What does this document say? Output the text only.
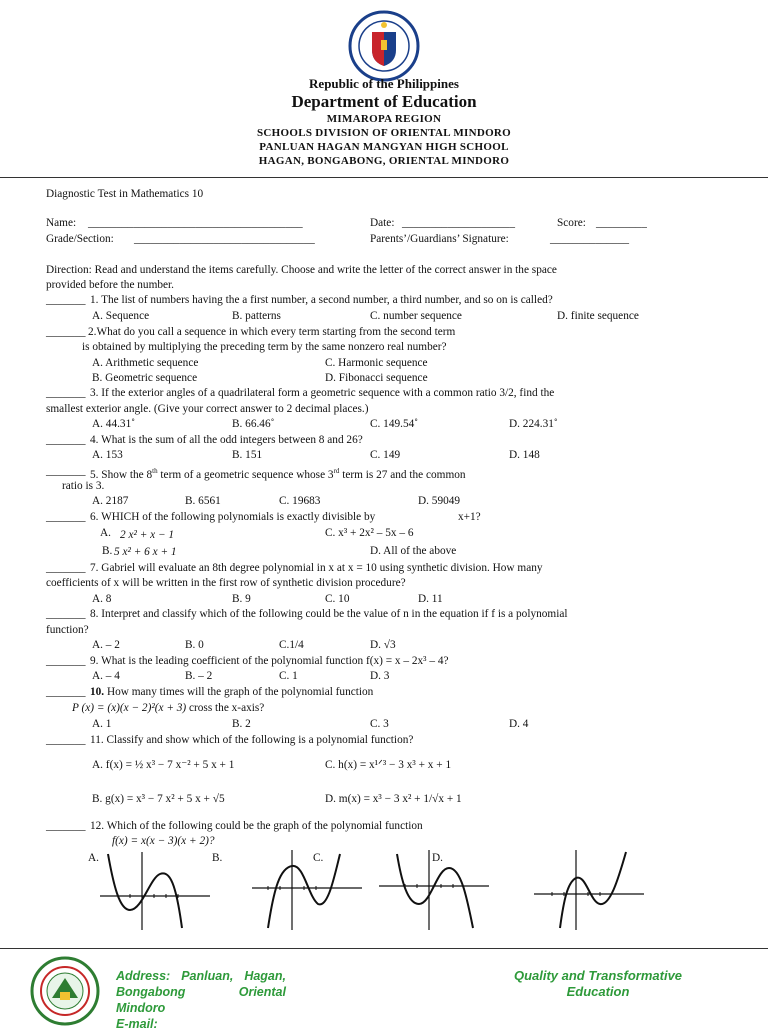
Republic of the Philippines
Department of Education
MIMAROPA REGION
SCHOOLS DIVISION OF ORIENTAL MINDORO
PANLUAN HAGAN MANGYAN HIGH SCHOOL
HAGAN, BONGABONG, ORIENTAL MINDORO
Diagnostic Test in Mathematics 10
Name: ______________________________________	Date: ____________________	Score: _________
Grade/Section: ________________________________	Parents’/Guardians’ Signature:	______________
Direction: Read and understand the items carefully. Choose and write the letter of the correct answer in the space
provided before the number.
_______ 1. The list of numbers having the a first number, a second number, a third number, and so on is called?
A. Sequence	B. patterns	C. number sequence	D. finite sequence
_______ 2.What do you call a sequence in which every term starting from the second term
is obtained by multiplying the preceding term by the same nonzero real number?
A. Arithmetic sequence	C. Harmonic sequence
B. Geometric sequence	D. Fibonacci sequence
_______ 3. If the exterior angles of a quadrilateral form a geometric sequence with a common ratio 3/2, find the
smallest exterior angle. (Give your correct answer to 2 decimal places.)
A. 44.31˚	B. 66.46˚	C. 149.54˚	D. 224.31˚
_______ 4. What is the sum of all the odd integers between 8 and 26?
A. 153	B. 151	C. 149	D. 148
_______ 5. Show the 8th term of a geometric sequence whose 3rd term is 27 and the common
ratio is 3.
A. 2187	B. 6561	C. 19683	D. 59049
_______ 6. WHICH of the following polynomials is exactly divisible by	x+1?
A. 2 x² + x − 1	C. x³ + 2x² – 5x – 6
B. 5 x² + 6 x + 1	D. All of the above
_______ 7. Gabriel will evaluate an 8th degree polynomial in x at x = 10 using synthetic division. How many
coefficients of x will be written in the first row of synthetic division procedure?
A. 8	B. 9	C. 10	D. 11
_______ 8. Interpret and classify which of the following could be the value of n in the equation if f is a polynomial
function?
A. – 2	B. 0	C.1/4	D. √3
_______ 9. What is the leading coefficient of the polynomial function f(x) = x – 2x³ – 4?
A. – 4	B. – 2	C. 1	D. 3
_______ 10. How many times will the graph of the polynomial function
P (x) = (x)(x − 2)²(x + 3) cross the x-axis?
A. 1	B. 2	C. 3	D. 4
_______ 11. Classify and show which of the following is a polynomial function?
A. f(x) = ½ x³ − 7 x⁻² + 5 x + 1	C. h(x) = x¹ᐟ³ − 3 x³ + x + 1
B. g(x) = x³ − 7 x² + 5 x + √5	D. m(x) = x³ − 3 x² + 1/√x + 1
_______ 12. Which of the following could be the graph of the polynomial function
f(x) = x(x − 3)(x + 2)?
A.	B.	C.	D.
Address: Panluan, Hagan,
Bongabong	Oriental
Mindoro
E-mail:
Quality and Transformative
Education
